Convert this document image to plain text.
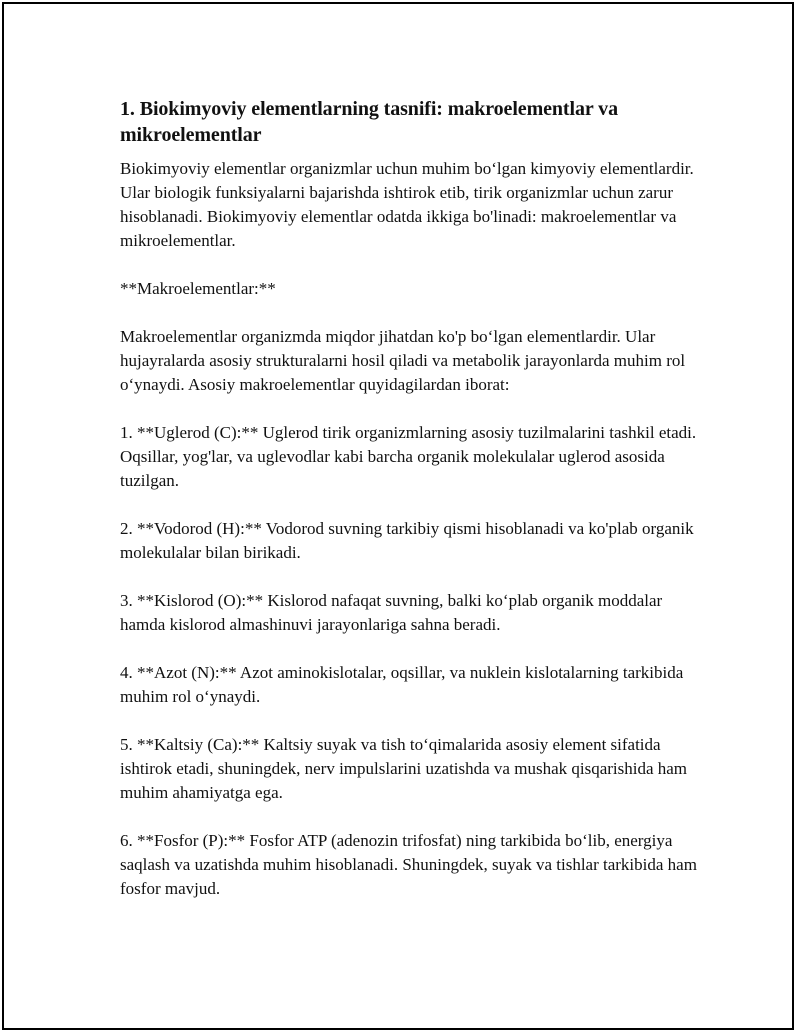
1. Biokimyoviy elementlarning tasnifi: makroelementlar va mikroelementlar

Biokimyoviy elementlar organizmlar uchun muhim bo‘lgan kimyoviy elementlardir. Ular biologik funksiyalarni bajarishda ishtirok etib, tirik organizmlar uchun zarur hisoblanadi. Biokimyoviy elementlar odatda ikkiga bo'linadi: makroelementlar va mikroelementlar.

**Makroelementlar:**

Makroelementlar organizmda miqdor jihatdan ko'p bo‘lgan elementlardir. Ular hujayralarda asosiy strukturalarni hosil qiladi va metabolik jarayonlarda muhim rol o‘ynaydi. Asosiy makroelementlar quyidagilardan iborat:

1. **Uglerod (C):** Uglerod tirik organizmlarning asosiy tuzilmalarini tashkil etadi. Oqsillar, yog'lar, va uglevodlar kabi barcha organik molekulalar uglerod asosida tuzilgan.

2. **Vodorod (H):** Vodorod suvning tarkibiy qismi hisoblanadi va ko'plab organik molekulalar bilan birikadi.

3. **Kislorod (O):** Kislorod nafaqat suvning, balki ko‘plab organik moddalar hamda kislorod almashinuvi jarayonlariga sahna beradi.

4. **Azot (N):** Azot aminokislotalar, oqsillar, va nuklein kislotalarning tarkibida muhim rol o‘ynaydi.

5. **Kaltsiy (Ca):** Kaltsiy suyak va tish to‘qimalarida asosiy element sifatida ishtirok etadi, shuningdek, nerv impulslarini uzatishda va mushak qisqarishida ham muhim ahamiyatga ega.

6. **Fosfor (P):** Fosfor ATP (adenozin trifosfat) ning tarkibida bo‘lib, energiya saqlash va uzatishda muhim hisoblanadi. Shuningdek, suyak va tishlar tarkibida ham fosfor mavjud.
